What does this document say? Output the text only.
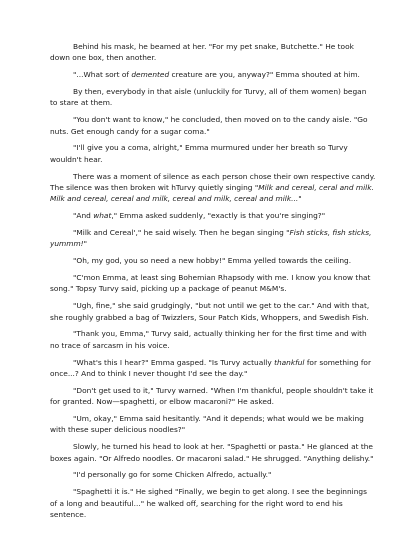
Behind his mask, he beamed at her. "For my pet snake, Butchette." He took down one box, then another.

"...What sort of demented creature are you, anyway?" Emma shouted at him.

By then, everybody in that aisle (unluckily for Turvy, all of them women) began to stare at them.

"You don't want to know," he concluded, then moved on to the candy aisle. "Go nuts. Get enough candy for a sugar coma."

"I'll give you a coma, alright," Emma murmured under her breath so Turvy wouldn't hear.

There was a moment of silence as each person chose their own respective candy. The silence was then broken wit hTurvy quietly singing "Milk and cereal, ceral and milk. Milk and cereal, cereal and milk, cereal and milk, cereal and milk..."

"And what," Emma asked suddenly, "exactly is that you're singing?"

"Milk and Cereal'," he said wisely. Then he began singing "Fish sticks, fish sticks, yummm!"

"Oh, my god, you so need a new hobby!" Emma yelled towards the ceiling.

"C'mon Emma, at least sing Bohemian Rhapsody with me. I know you know that song." Topsy Turvy said, picking up a package of peanut M&M's.

"Ugh, fine," she said grudgingly, "but not until we get to the car." And with that, she roughly grabbed a bag of Twizzlers, Sour Patch Kids, Whoppers, and Swedish Fish.

"Thank you, Emma," Turvy said, actually thinking her for the first time and with no trace of sarcasm in his voice.

"What's this I hear?" Emma gasped. "Is Turvy actually thankful for something for once...? And to think I never thought I'd see the day."

"Don't get used to it," Turvy warned. "When I'm thankful, people shouldn't take it for granted. Now—spaghetti, or elbow macaroni?" He asked.

"Um, okay," Emma said hesitantly. "And it depends; what would we be making with these super delicious noodles?"

Slowly, he turned his head to look at her. "Spaghetti or pasta." He glanced at the boxes again. "Or Alfredo noodles. Or macaroni salad." He shrugged. "Anything delishy."

"I'd personally go for some Chicken Alfredo, actually."

"Spaghetti it is." He sighed "Finally, we begin to get along. I see the beginnings of a long and beautiful..." he walked off, searching for the right word to end his sentence.
